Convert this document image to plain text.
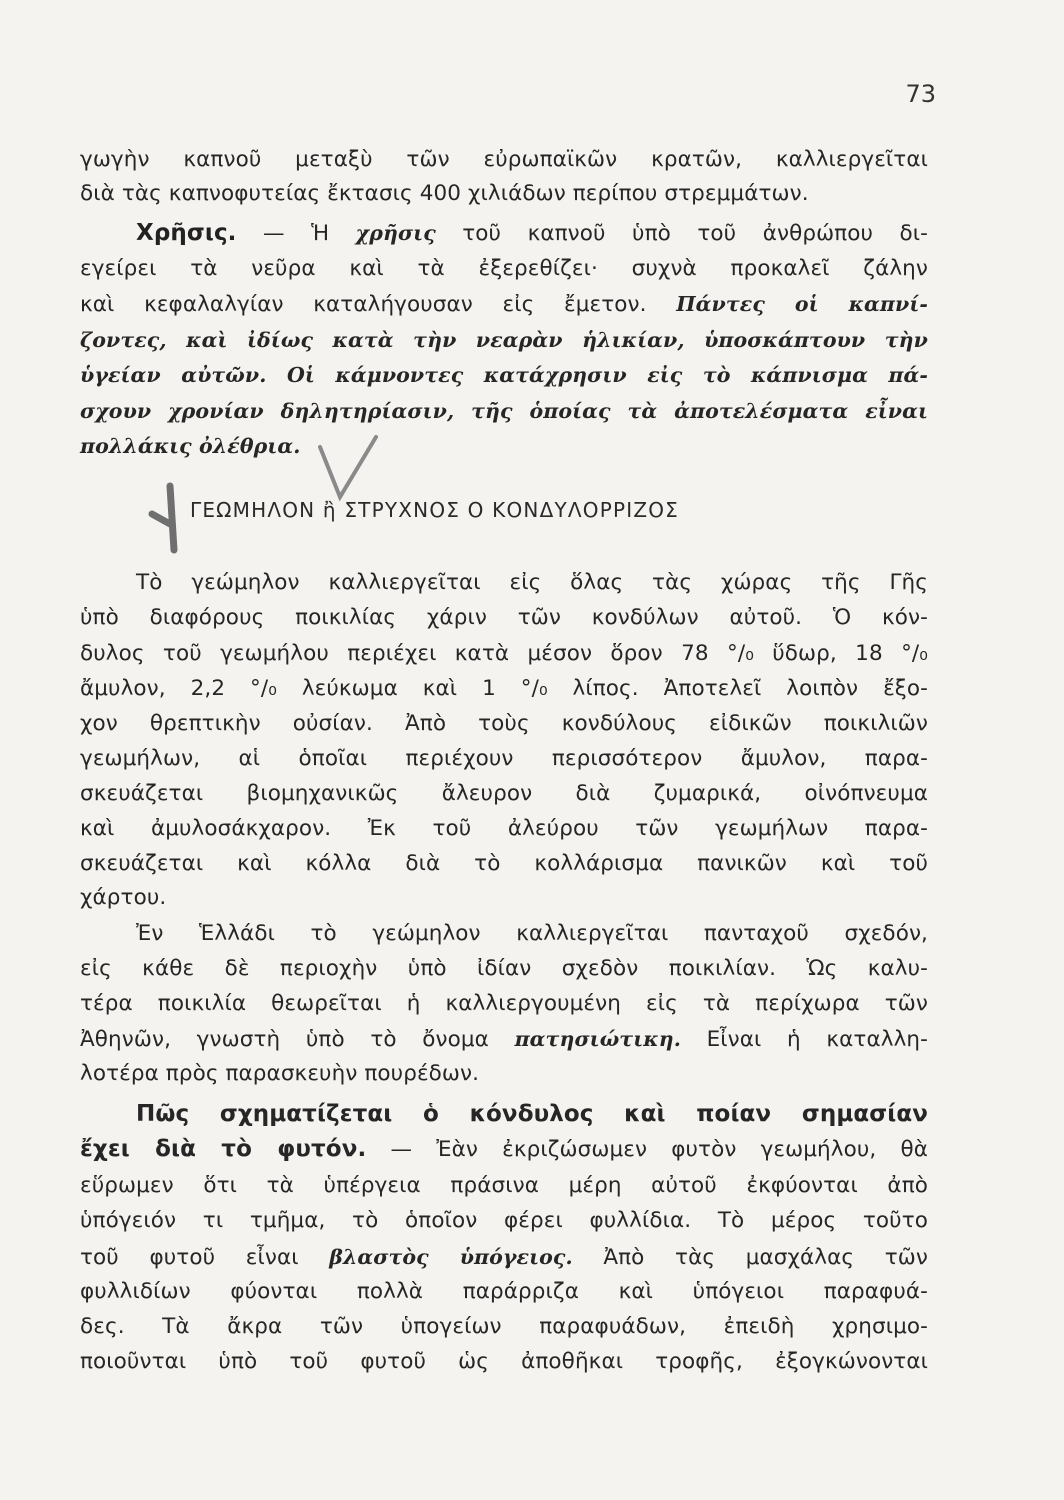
73
γωγὴν καπνοῦ μεταξὺ τῶν εὐρωπαϊκῶν κρατῶν, καλλιεργεῖται
διὰ τὰς καπνοφυτείας ἔκτασις 400 χιλιάδων περίπου στρεμμάτων.
Χρῆσις. — Ἡ χρῆσις τοῦ καπνοῦ ὑπὸ τοῦ ἀνθρώπου δι-
εγείρει τὰ νεῦρα καὶ τὰ ἐξερεθίζει· συχνὰ προκαλεῖ ζάλην
καὶ κεφαλαλγίαν καταλήγουσαν εἰς ἔμετον. Πάντες οἱ καπνί-
ζοντες, καὶ ἰδίως κατὰ τὴν νεαρὰν ἡλικίαν, ὑποσκάπτουν τὴν
ὑγείαν αὐτῶν. Οἱ κάμνοντες κατάχρησιν εἰς τὸ κάπνισμα πά-
σχουν χρονίαν δηλητηρίασιν, τῆς ὁποίας τὰ ἀποτελέσματα εἶναι
πολλάκις ὀλέθρια.
ΓΕΩΜΗΛΟΝ ἢ ΣΤΡΥΧΝΟΣ Ο ΚΟΝΔΥΛΟΡΡΙΖΟΣ
Τὸ γεώμηλον καλλιεργεῖται εἰς ὅλας τὰς χώρας τῆς Γῆς
ὑπὸ διαφόρους ποικιλίας χάριν τῶν κονδύλων αὐτοῦ. Ὁ κόν-
δυλος τοῦ γεωμήλου περιέχει κατὰ μέσον ὅρον 78 °/₀ ὕδωρ, 18 °/₀
ἄμυλον, 2,2 °/₀ λεύκωμα καὶ 1 °/₀ λίπος. Ἀποτελεῖ λοιπὸν ἔξο-
χον θρεπτικὴν οὐσίαν. Ἀπὸ τοὺς κονδύλους εἰδικῶν ποικιλιῶν
γεωμήλων, αἱ ὁποῖαι περιέχουν περισσότερον ἄμυλον, παρα-
σκευάζεται βιομηχανικῶς ἄλευρον διὰ ζυμαρικά, οἰνόπνευμα
καὶ ἀμυλοσάκχαρον. Ἐκ τοῦ ἀλεύρου τῶν γεωμήλων παρα-
σκευάζεται καὶ κόλλα διὰ τὸ κολλάρισμα πανικῶν καὶ τοῦ
χάρτου.
Ἐν Ἑλλάδι τὸ γεώμηλον καλλιεργεῖται πανταχοῦ σχεδόν,
εἰς κάθε δὲ περιοχὴν ὑπὸ ἰδίαν σχεδὸν ποικιλίαν. Ὡς καλυ-
τέρα ποικιλία θεωρεῖται ἡ καλλιεργουμένη εἰς τὰ περίχωρα τῶν
Ἀθηνῶν, γνωστὴ ὑπὸ τὸ ὄνομα πατησιώτικη. Εἶναι ἡ καταλλη-
λοτέρα πρὸς παρασκευὴν πουρέδων.
Πῶς σχηματίζεται ὁ κόνδυλος καὶ ποίαν σημασίαν
ἔχει διὰ τὸ φυτόν. — Ἐὰν ἐκριζώσωμεν φυτὸν γεωμήλου, θὰ
εὕρωμεν ὅτι τὰ ὑπέργεια πράσινα μέρη αὐτοῦ ἐκφύονται ἀπὸ
ὑπόγειόν τι τμῆμα, τὸ ὁποῖον φέρει φυλλίδια. Τὸ μέρος τοῦτο
τοῦ φυτοῦ εἶναι βλαστὸς ὑπόγειος. Ἀπὸ τὰς μασχάλας τῶν
φυλλιδίων φύονται πολλὰ παράρριζα καὶ ὑπόγειοι παραφυά-
δες. Τὰ ἄκρα τῶν ὑπογείων παραφυάδων, ἐπειδὴ χρησιμο-
ποιοῦνται ὑπὸ τοῦ φυτοῦ ὡς ἀποθῆκαι τροφῆς, ἐξογκώνονται
